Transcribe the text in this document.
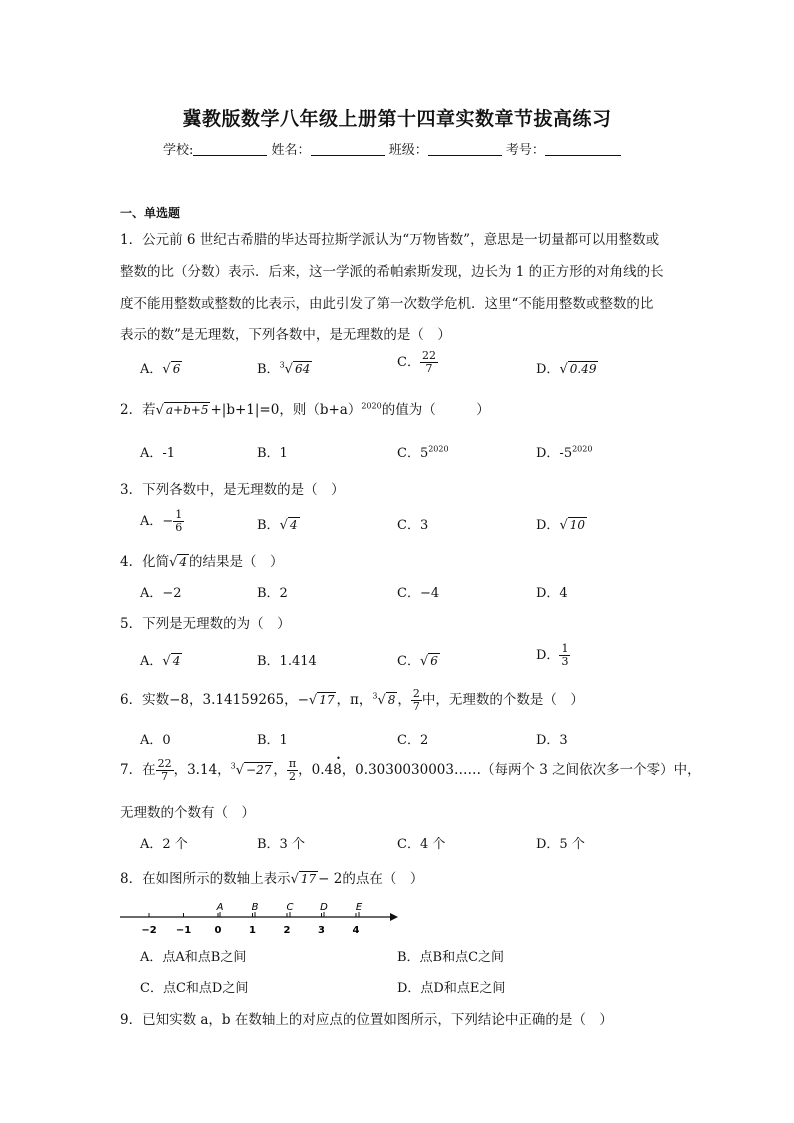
冀教版数学八年级上册第十四章实数章节拔高练习
学校:	姓名：	班级：	考号：
一、单选题
1．公元前 6 世纪古希腊的毕达哥拉斯学派认为“万物皆数”，意思是一切量都可以用整数或
整数的比（分数）表示．后来，这一学派的希帕索斯发现，边长为 1 的正方形的对角线的长
度不能用整数或整数的比表示，由此引发了第一次数学危机．这里“不能用整数或整数的比
表示的数”是无理数，下列各数中，是无理数的是（　）
A．√ 6	B．$^3$√ 64	C． $\frac{22}{7}$	D．√ 0.49
2．若√ a+b+5 +|b+1|=0，则$(b+a)^{2020}$的值为（　　　）
A．-1	B．1	C．$5^{2020}$	D．$-5^{2020}$
3．下列各数中，是无理数的是（　）
A．− $\frac{1}{6}$	B．√ 4	C．3	D．√ 10
4．化简√ 4 的结果是（　）
A．−2	B．2	C．−4	D．4
5．下列是无理数的为（　）
A．√ 4	B．1.414	C．√ 6	D． $\frac{1}{3}$
6．实数−8，3.14159265，−√ 17 ，π，$^3$√ 8 ， $\frac{2}{7}$ 中，无理数的个数是（　）
A．0	B．1	C．2	D．3
7．在 $\frac{22}{7}$ ，3.14，$^3$√ −27 ， $\frac{\pi}{2}$ ，0.48
•
，0.3030030003……（每两个 3 之间依次多一个零）中，
无理数的个数有（　）
A．2 个	B．3 个	C．4 个	D．5 个
8．在如图所示的数轴上表示√ 17 − 2的点在（　）
−2 −1 0	1	2	3	4
A	B	C	D	E
A．点A和点B之间	B．点B和点C之间
C．点C和点D之间	D．点D和点E之间
9．已知实数 a，b 在数轴上的对应点的位置如图所示，下列结论中正确的是（　）
